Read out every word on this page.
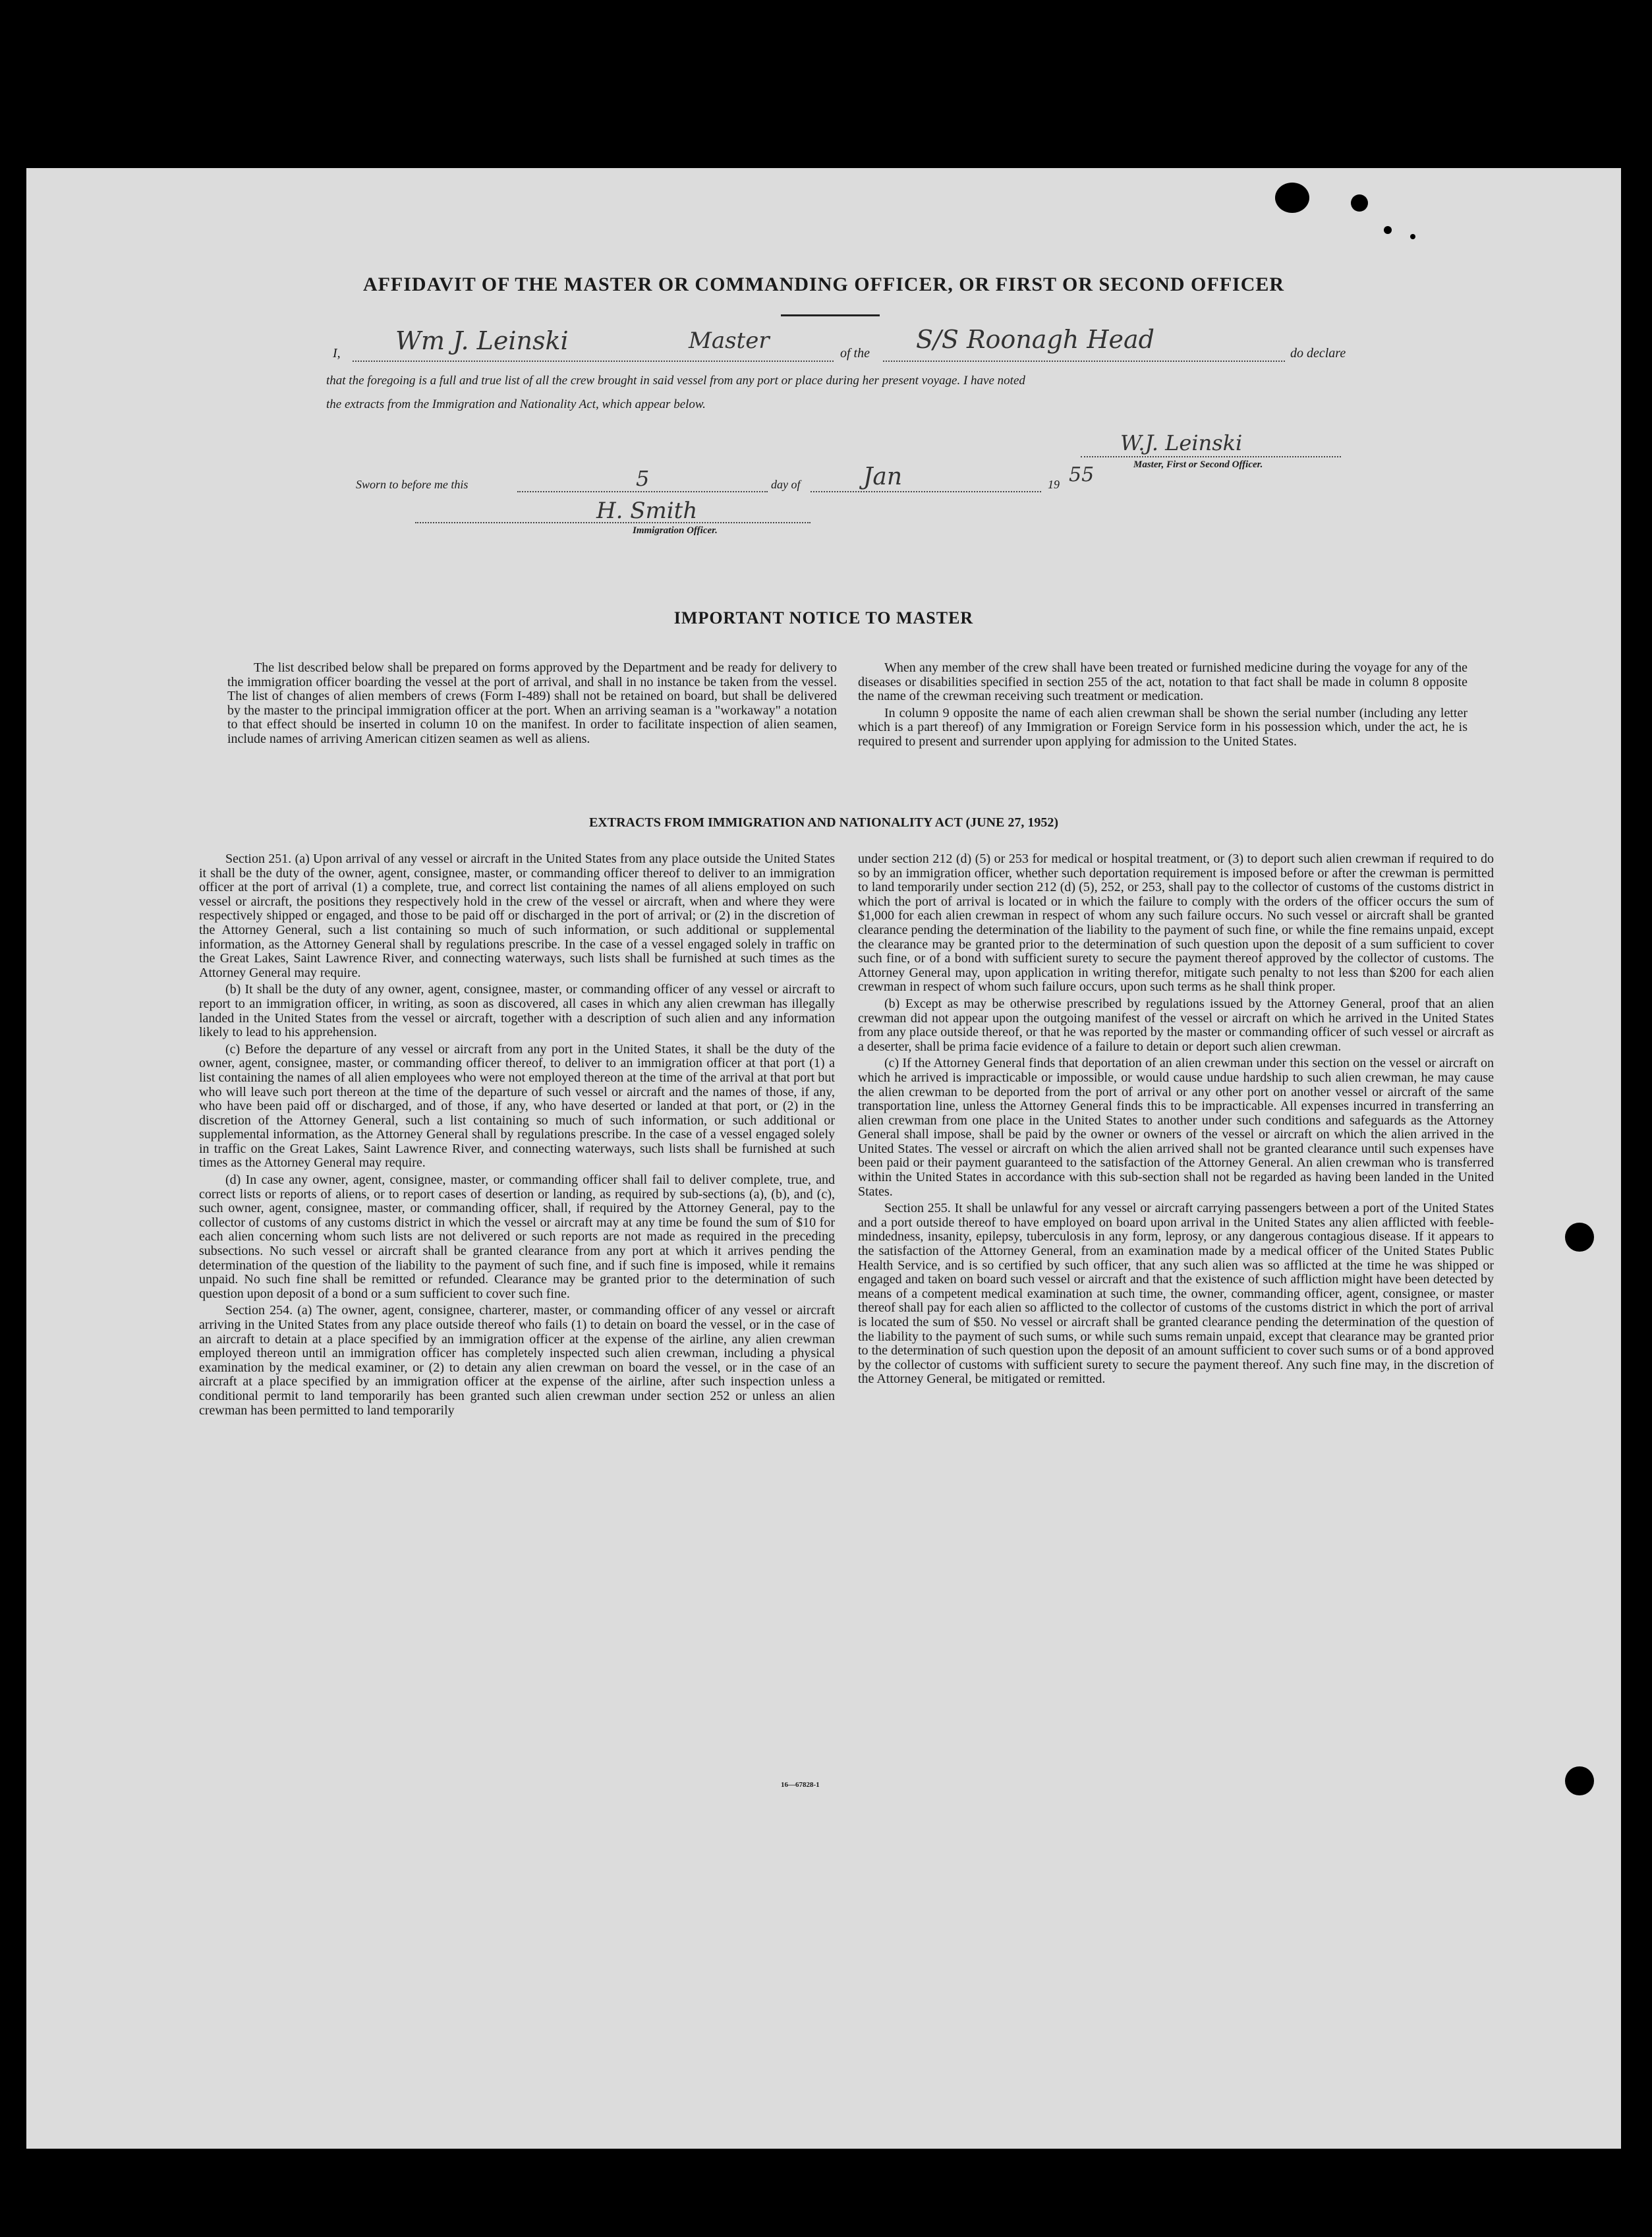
AFFIDAVIT OF THE MASTER OR COMMANDING OFFICER, OR FIRST OR SECOND OFFICER
I, Wm J. Leinski	Master	of the S/S Roonagh Head	do declare
that the foregoing is a full and true list of all the crew brought in said vessel from any port or place during her present voyage. I have noted
the extracts from the Immigration and Nationality Act, which appear below.
W.J. Leinski
Master, First or Second Officer.
Sworn to before me this	5	day of	Jan	19 55
H. Smith
Immigration Officer.
IMPORTANT NOTICE TO MASTER

The list described below shall be prepared on forms approved by the Department and be ready for delivery to the immigration officer boarding the vessel at the port of arrival, and shall in no instance be taken from the vessel. The list of changes of alien members of crews (Form I-489) shall not be retained on board, but shall be delivered by the master to the principal immigration officer at the port. When an arriving seaman is a "workaway" a notation to that effect should be inserted in column 10 on the manifest. In order to facilitate inspection of alien seamen, include names of arriving American citizen seamen as well as aliens.

When any member of the crew shall have been treated or furnished medicine during the voyage for any of the diseases or disabilities specified in section 255 of the act, notation to that fact shall be made in column 8 opposite the name of the crewman receiving such treatment or medication.

In column 9 opposite the name of each alien crewman shall be shown the serial number (including any letter which is a part thereof) of any Immigration or Foreign Service form in his possession which, under the act, he is required to present and surrender upon applying for admission to the United States.

EXTRACTS FROM IMMIGRATION AND NATIONALITY ACT (JUNE 27, 1952)

Section 251. (a) Upon arrival of any vessel or aircraft in the United States from any place outside the United States it shall be the duty of the owner, agent, consignee, master, or commanding officer thereof to deliver to an immigration officer at the port of arrival (1) a complete, true, and correct list containing the names of all aliens employed on such vessel or aircraft, the positions they respectively hold in the crew of the vessel or aircraft, when and where they were respectively shipped or engaged, and those to be paid off or discharged in the port of arrival; or (2) in the discretion of the Attorney General, such a list containing so much of such information, or such additional or supplemental information, as the Attorney General shall by regulations prescribe. In the case of a vessel engaged solely in traffic on the Great Lakes, Saint Lawrence River, and connecting waterways, such lists shall be furnished at such times as the Attorney General may require.

(b) It shall be the duty of any owner, agent, consignee, master, or commanding officer of any vessel or aircraft to report to an immigration officer, in writing, as soon as discovered, all cases in which any alien crewman has illegally landed in the United States from the vessel or aircraft, together with a description of such alien and any information likely to lead to his apprehension.

(c) Before the departure of any vessel or aircraft from any port in the United States, it shall be the duty of the owner, agent, consignee, master, or commanding officer thereof, to deliver to an immigration officer at that port (1) a list containing the names of all alien employees who were not employed thereon at the time of the arrival at that port but who will leave such port thereon at the time of the departure of such vessel or aircraft and the names of those, if any, who have been paid off or discharged, and of those, if any, who have deserted or landed at that port, or (2) in the discretion of the Attorney General, such a list containing so much of such information, or such additional or supplemental information, as the Attorney General shall by regulations prescribe. In the case of a vessel engaged solely in traffic on the Great Lakes, Saint Lawrence River, and connecting waterways, such lists shall be furnished at such times as the Attorney General may require.

(d) In case any owner, agent, consignee, master, or commanding officer shall fail to deliver complete, true, and correct lists or reports of aliens, or to report cases of desertion or landing, as required by sub-sections (a), (b), and (c), such owner, agent, consignee, master, or commanding officer, shall, if required by the Attorney General, pay to the collector of customs of any customs district in which the vessel or aircraft may at any time be found the sum of $10 for each alien concerning whom such lists are not delivered or such reports are not made as required in the preceding subsections. No such vessel or aircraft shall be granted clearance from any port at which it arrives pending the determination of the question of the liability to the payment of such fine, and if such fine is imposed, while it remains unpaid. No such fine shall be remitted or refunded. Clearance may be granted prior to the determination of such question upon deposit of a bond or a sum sufficient to cover such fine.

Section 254. (a) The owner, agent, consignee, charterer, master, or commanding officer of any vessel or aircraft arriving in the United States from any place outside thereof who fails (1) to detain on board the vessel, or in the case of an aircraft to detain at a place specified by an immigration officer at the expense of the airline, any alien crewman employed thereon until an immigration officer has completely inspected such alien crewman, including a physical examination by the medical examiner, or (2) to detain any alien crewman on board the vessel, or in the case of an aircraft at a place specified by an immigration officer at the expense of the airline, after such inspection unless a conditional permit to land temporarily has been granted such alien crewman under section 252 or unless an alien crewman has been permitted to land temporarily

under section 212 (d) (5) or 253 for medical or hospital treatment, or (3) to deport such alien crewman if required to do so by an immigration officer, whether such deportation requirement is imposed before or after the crewman is permitted to land temporarily under section 212 (d) (5), 252, or 253, shall pay to the collector of customs of the customs district in which the port of arrival is located or in which the failure to comply with the orders of the officer occurs the sum of $1,000 for each alien crewman in respect of whom any such failure occurs. No such vessel or aircraft shall be granted clearance pending the determination of the liability to the payment of such fine, or while the fine remains unpaid, except the clearance may be granted prior to the determination of such question upon the deposit of a sum sufficient to cover such fine, or of a bond with sufficient surety to secure the payment thereof approved by the collector of customs. The Attorney General may, upon application in writing therefor, mitigate such penalty to not less than $200 for each alien crewman in respect of whom such failure occurs, upon such terms as he shall think proper.

(b) Except as may be otherwise prescribed by regulations issued by the Attorney General, proof that an alien crewman did not appear upon the outgoing manifest of the vessel or aircraft on which he arrived in the United States from any place outside thereof, or that he was reported by the master or commanding officer of such vessel or aircraft as a deserter, shall be prima facie evidence of a failure to detain or deport such alien crewman.

(c) If the Attorney General finds that deportation of an alien crewman under this section on the vessel or aircraft on which he arrived is impracticable or impossible, or would cause undue hardship to such alien crewman, he may cause the alien crewman to be deported from the port of arrival or any other port on another vessel or aircraft of the same transportation line, unless the Attorney General finds this to be impracticable. All expenses incurred in transferring an alien crewman from one place in the United States to another under such conditions and safeguards as the Attorney General shall impose, shall be paid by the owner or owners of the vessel or aircraft on which the alien arrived in the United States. The vessel or aircraft on which the alien arrived shall not be granted clearance until such expenses have been paid or their payment guaranteed to the satisfaction of the Attorney General. An alien crewman who is transferred within the United States in accordance with this sub-section shall not be regarded as having been landed in the United States.

Section 255. It shall be unlawful for any vessel or aircraft carrying passengers between a port of the United States and a port outside thereof to have employed on board upon arrival in the United States any alien afflicted with feeble-mindedness, insanity, epilepsy, tuberculosis in any form, leprosy, or any dangerous contagious disease. If it appears to the satisfaction of the Attorney General, from an examination made by a medical officer of the United States Public Health Service, and is so certified by such officer, that any such alien was so afflicted at the time he was shipped or engaged and taken on board such vessel or aircraft and that the existence of such affliction might have been detected by means of a competent medical examination at such time, the owner, commanding officer, agent, consignee, or master thereof shall pay for each alien so afflicted to the collector of customs of the customs district in which the port of arrival is located the sum of $50. No vessel or aircraft shall be granted clearance pending the determination of the question of the liability to the payment of such sums, or while such sums remain unpaid, except that clearance may be granted prior to the determination of such question upon the deposit of an amount sufficient to cover such sums or of a bond approved by the collector of customs with sufficient surety to secure the payment thereof. Any such fine may, in the discretion of the Attorney General, be mitigated or remitted.

16—67828-1
